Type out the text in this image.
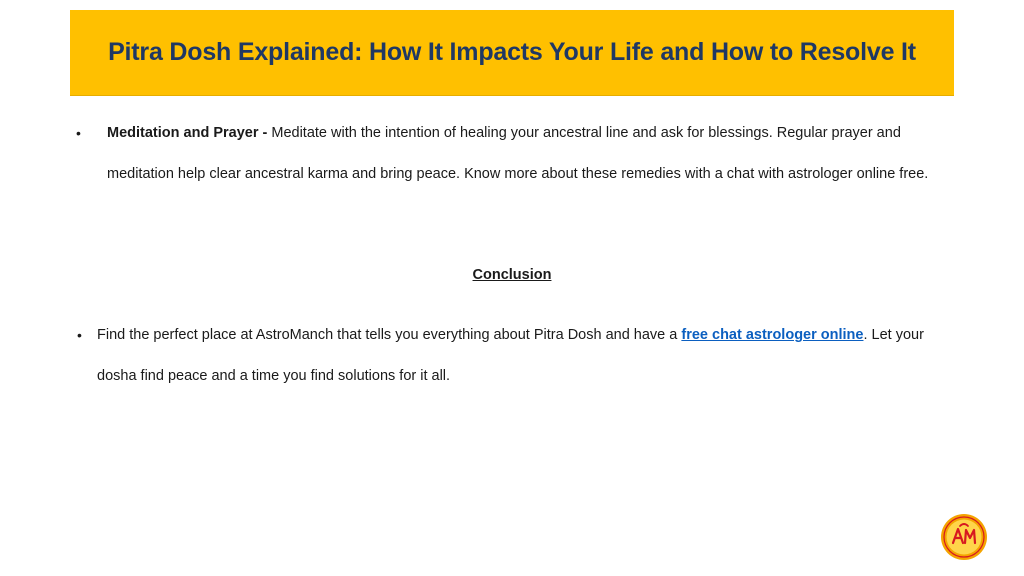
Pitra Dosh Explained: How It Impacts Your Life and How to Resolve It
• Meditation and Prayer - Meditate with the intention of healing your ancestral line and ask for blessings. Regular prayer and meditation help clear ancestral karma and bring peace. Know more about these remedies with a chat with astrologer online free.
Conclusion
• Find the perfect place at AstroManch that tells you everything about Pitra Dosh and have a free chat astrologer online. Let your dosha find peace and a time you find solutions for it all.
